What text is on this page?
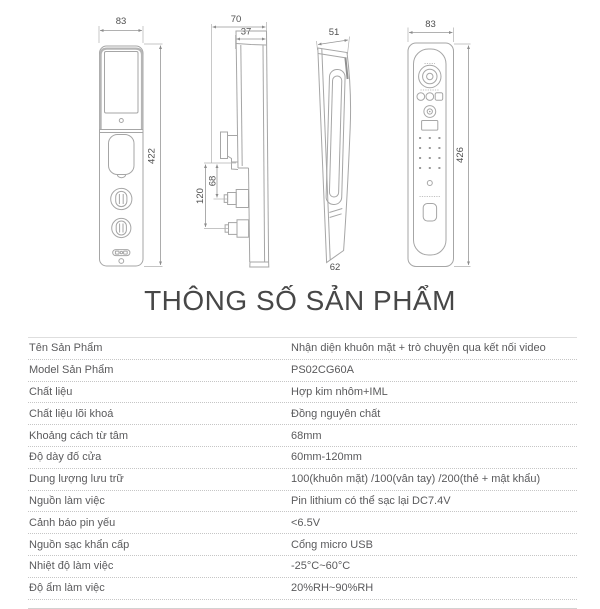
83
422
70
37
68
120
51
62
83
426
THÔNG SỐ SẢN PHẨM
Tên Sản Phẩm	Nhận diện khuôn mặt + trò chuyện qua kết nối video
Model Sản Phẩm	PS02CG60A
Chất liệu	Hợp kim nhôm+IML
Chất liệu lõi khoá	Đồng nguyên chất
Khoảng cách từ tâm	68mm
Độ dày đố cửa	60mm-120mm
Dung lượng lưu trữ	100(khuôn mặt) /100(vân tay) /200(thẻ + mật khẩu)
Nguồn làm việc	Pin lithium có thể sạc lại DC7.4V
Cảnh báo pin yếu	<6.5V
Nguồn sạc khẩn cấp	Cổng micro USB
Nhiệt độ làm việc	-25°C~60°C
Độ ẩm làm việc	20%RH~90%RH
